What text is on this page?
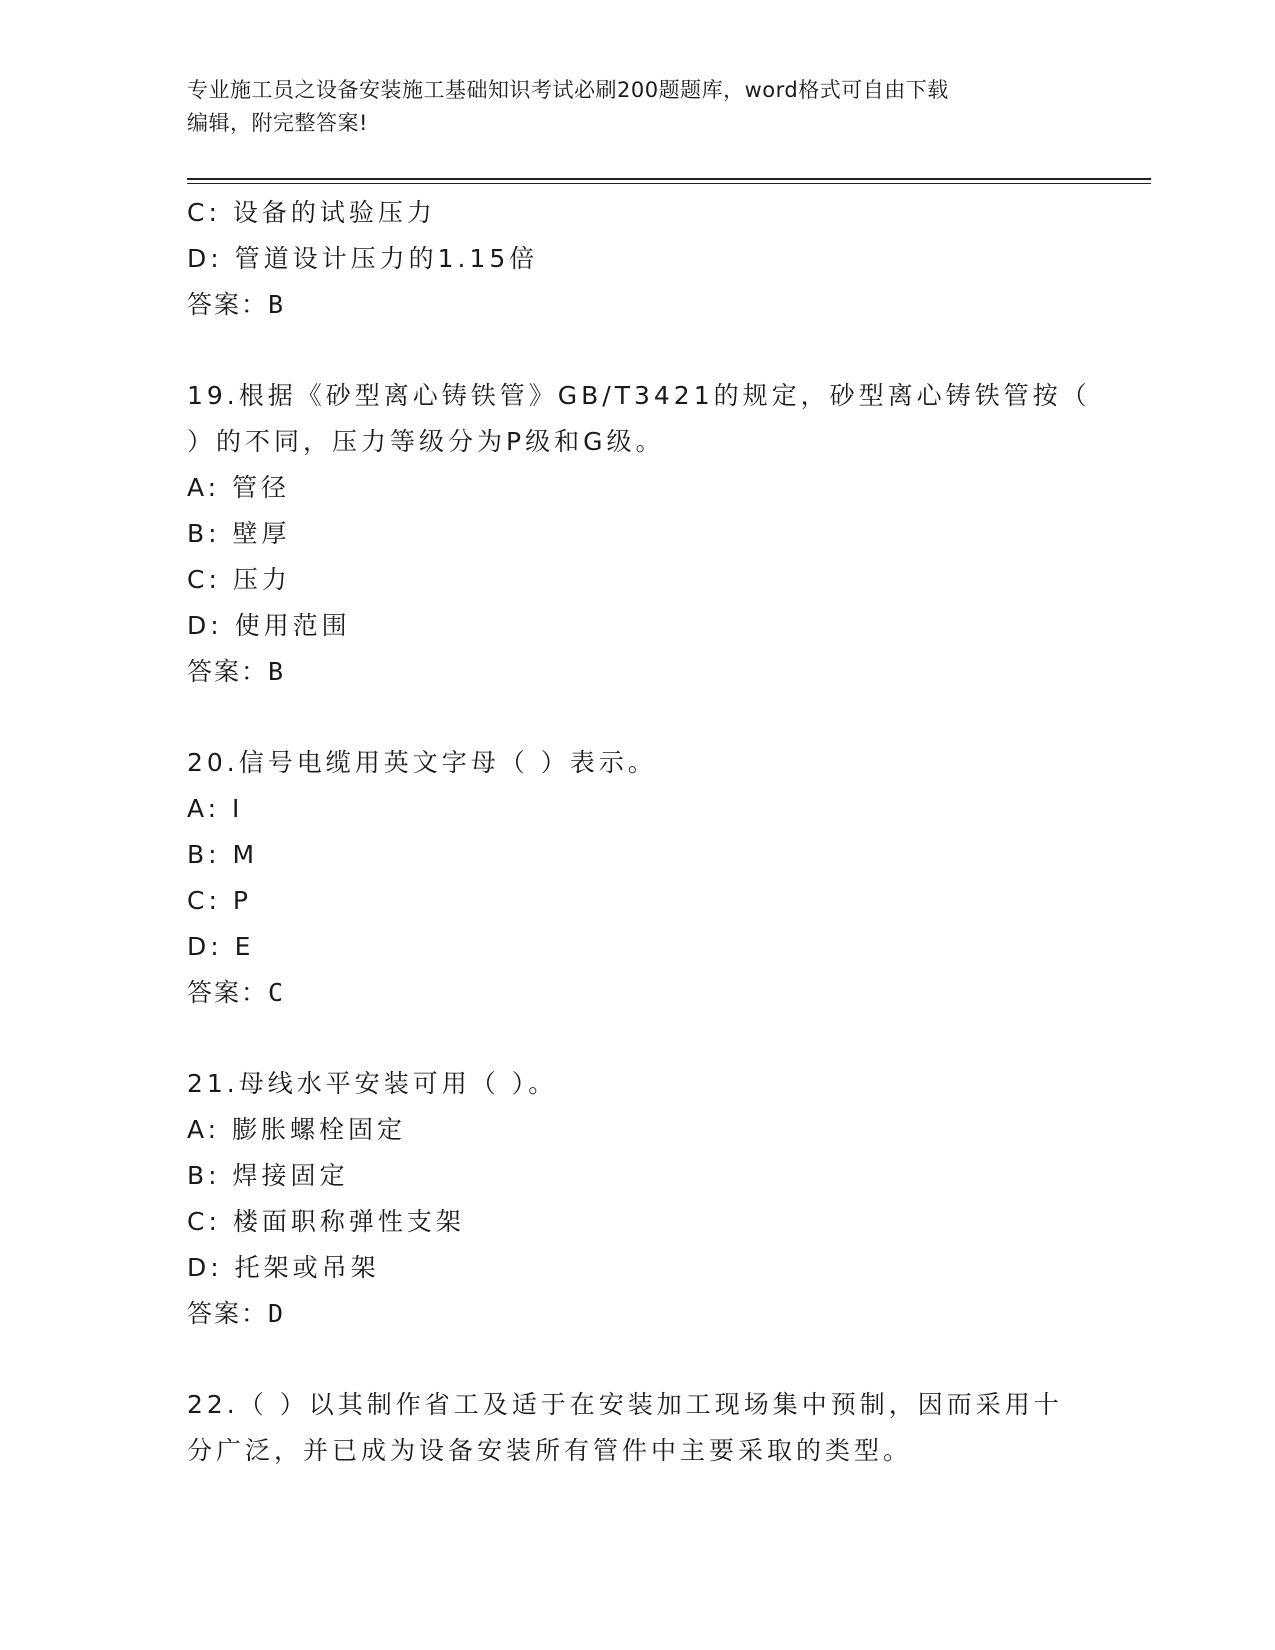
专业施工员之设备安装施工基础知识考试必刷200题题库，word格式可自由下载
编辑，附完整答案!
C: 设备的试验压力
D: 管道设计压力的1.15倍
答案：B
19.根据《砂型离心铸铁管》GB/T3421的规定，砂型离心铸铁管按（
）的不同，压力等级分为P级和G级。
A: 管径
B: 壁厚
C: 压力
D: 使用范围
答案：B
20.信号电缆用英文字母（ ）表示。
A: I
B: M
C: P
D: E
答案：C
21.母线水平安装可用（ ）。
A: 膨胀螺栓固定
B: 焊接固定
C: 楼面职称弹性支架
D: 托架或吊架
答案：D
22.（ ）以其制作省工及适于在安装加工现场集中预制，因而采用十
分广泛，并已成为设备安装所有管件中主要采取的类型。
